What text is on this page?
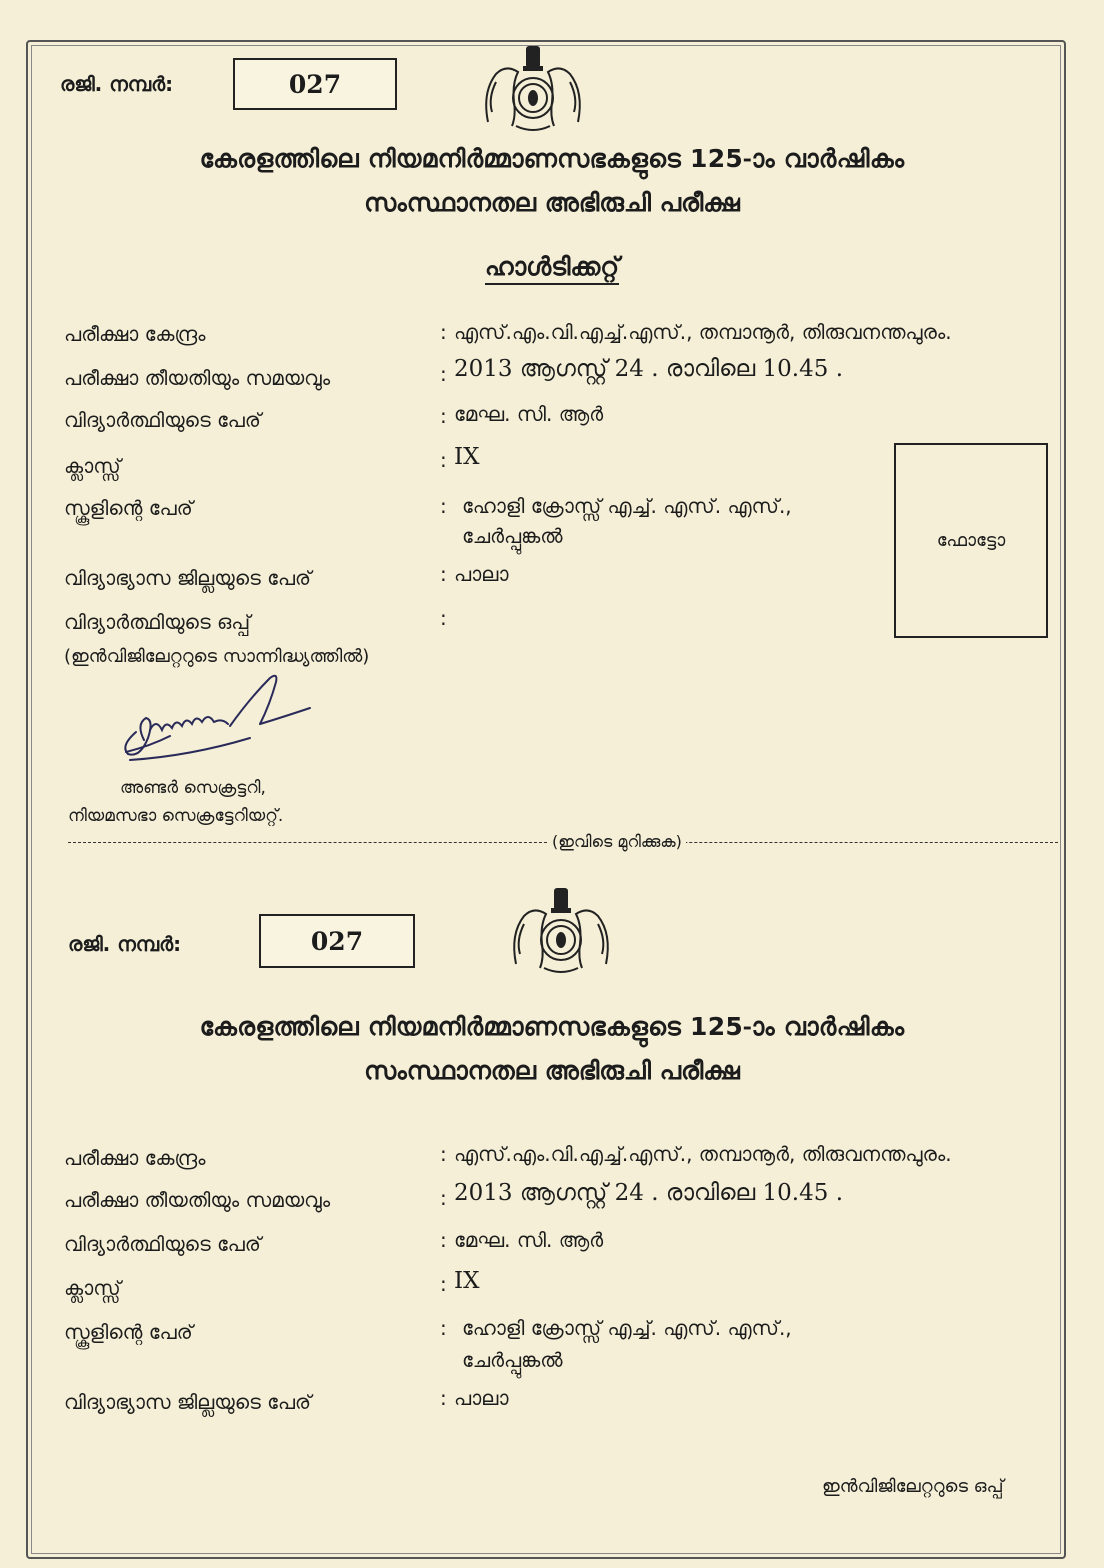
രജി. നമ്പർ:	027
കേരളത്തിലെ നിയമനിർമ്മാണസഭകളുടെ 125-ാം വാർഷികം
സംസ്ഥാനതല അഭിരുചി പരീക്ഷ
ഹാൾടിക്കറ്റ്
പരീക്ഷാ കേന്ദ്രം	: എസ്.എം.വി.എച്ച്.എസ്., തമ്പാനൂർ, തിരുവനന്തപുരം.
പരീക്ഷാ തീയതിയും സമയവും	: 2013 ആഗസ്റ്റ് 24 . രാവിലെ 10.45 .
വിദ്യാർത്ഥിയുടെ പേര്	: മേഘ. സി. ആർ
ക്ലാസ്സ്	: IX
സ്കൂളിന്റെ പേര്	: ഹോളി ക്രോസ്സ് എച്ച്. എസ്. എസ്.,
ചേർപ്പുങ്കൽ
വിദ്യാഭ്യാസ ജില്ലയുടെ പേര്	: പാലാ
വിദ്യാർത്ഥിയുടെ ഒപ്പ്	:
(ഇൻവിജിലേറ്ററുടെ സാന്നിദ്ധ്യത്തിൽ)
ഫോട്ടോ
അണ്ടർ സെക്രട്ടറി,
നിയമസഭാ സെക്രട്ടേറിയറ്റ്.
(ഇവിടെ മുറിക്കുക)
രജി. നമ്പർ:	027
കേരളത്തിലെ നിയമനിർമ്മാണസഭകളുടെ 125-ാം വാർഷികം
സംസ്ഥാനതല അഭിരുചി പരീക്ഷ
പരീക്ഷാ കേന്ദ്രം	: എസ്.എം.വി.എച്ച്.എസ്., തമ്പാനൂർ, തിരുവനന്തപുരം.
പരീക്ഷാ തീയതിയും സമയവും	: 2013 ആഗസ്റ്റ് 24 . രാവിലെ 10.45 .
വിദ്യാർത്ഥിയുടെ പേര്	: മേഘ. സി. ആർ
ക്ലാസ്സ്	: IX
സ്കൂളിന്റെ പേര്	: ഹോളി ക്രോസ്സ് എച്ച്. എസ്. എസ്.,
ചേർപ്പുങ്കൽ
വിദ്യാഭ്യാസ ജില്ലയുടെ പേര്	: പാലാ
ഇൻവിജിലേറ്ററുടെ ഒപ്പ്
